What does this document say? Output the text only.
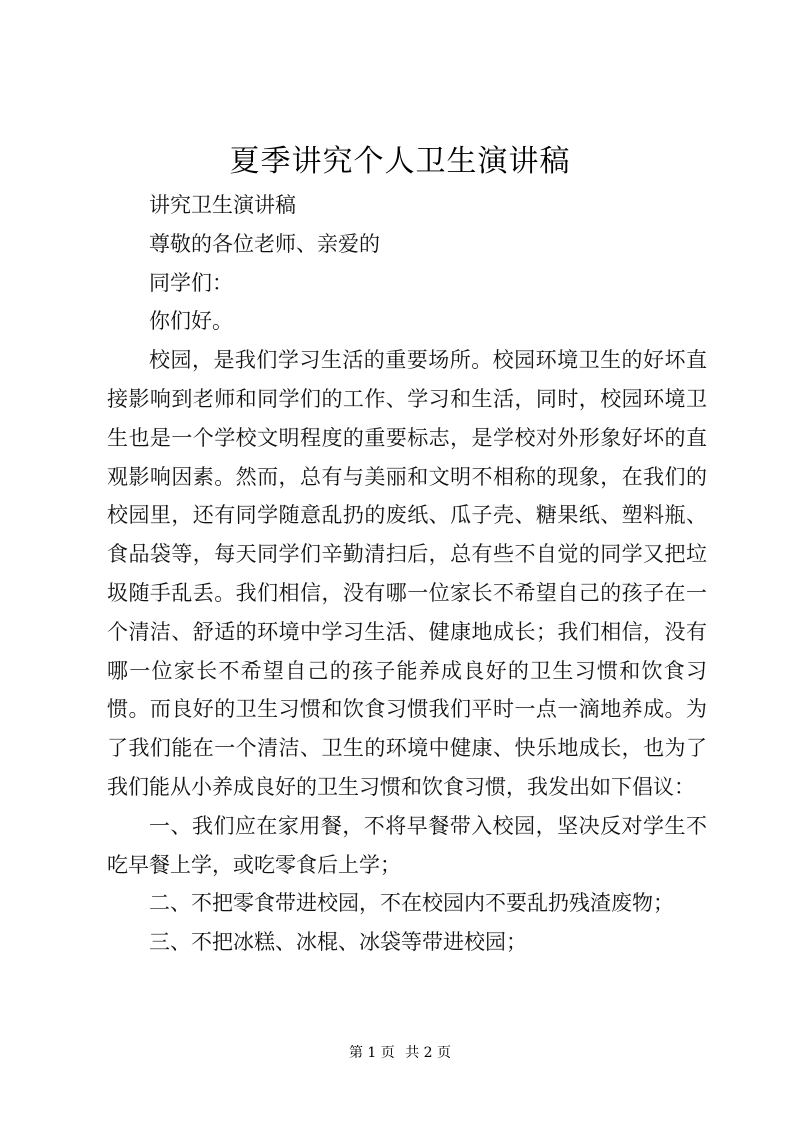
夏季讲究个人卫生演讲稿

讲究卫生演讲稿

尊敬的各位老师、亲爱的

同学们：

你们好。

校园，是我们学习生活的重要场所。校园环境卫生的好坏直接影响到老师和同学们的工作、学习和生活，同时，校园环境卫生也是一个学校文明程度的重要标志，是学校对外形象好坏的直观影响因素。然而，总有与美丽和文明不相称的现象，在我们的校园里，还有同学随意乱扔的废纸、瓜子壳、糖果纸、塑料瓶、食品袋等，每天同学们辛勤清扫后，总有些不自觉的同学又把垃圾随手乱丢。我们相信，没有哪一位家长不希望自己的孩子在一个清洁、舒适的环境中学习生活、健康地成长；我们相信，没有哪一位家长不希望自己的孩子能养成良好的卫生习惯和饮食习惯。而良好的卫生习惯和饮食习惯我们平时一点一滴地养成。为了我们能在一个清洁、卫生的环境中健康、快乐地成长，也为了我们能从小养成良好的卫生习惯和饮食习惯，我发出如下倡议：

一、我们应在家用餐，不将早餐带入校园，坚决反对学生不吃早餐上学，或吃零食后上学；

二、不把零食带进校园，不在校园内不要乱扔残渣废物；

三、不把冰糕、冰棍、冰袋等带进校园；

第 1 页 共 2 页
